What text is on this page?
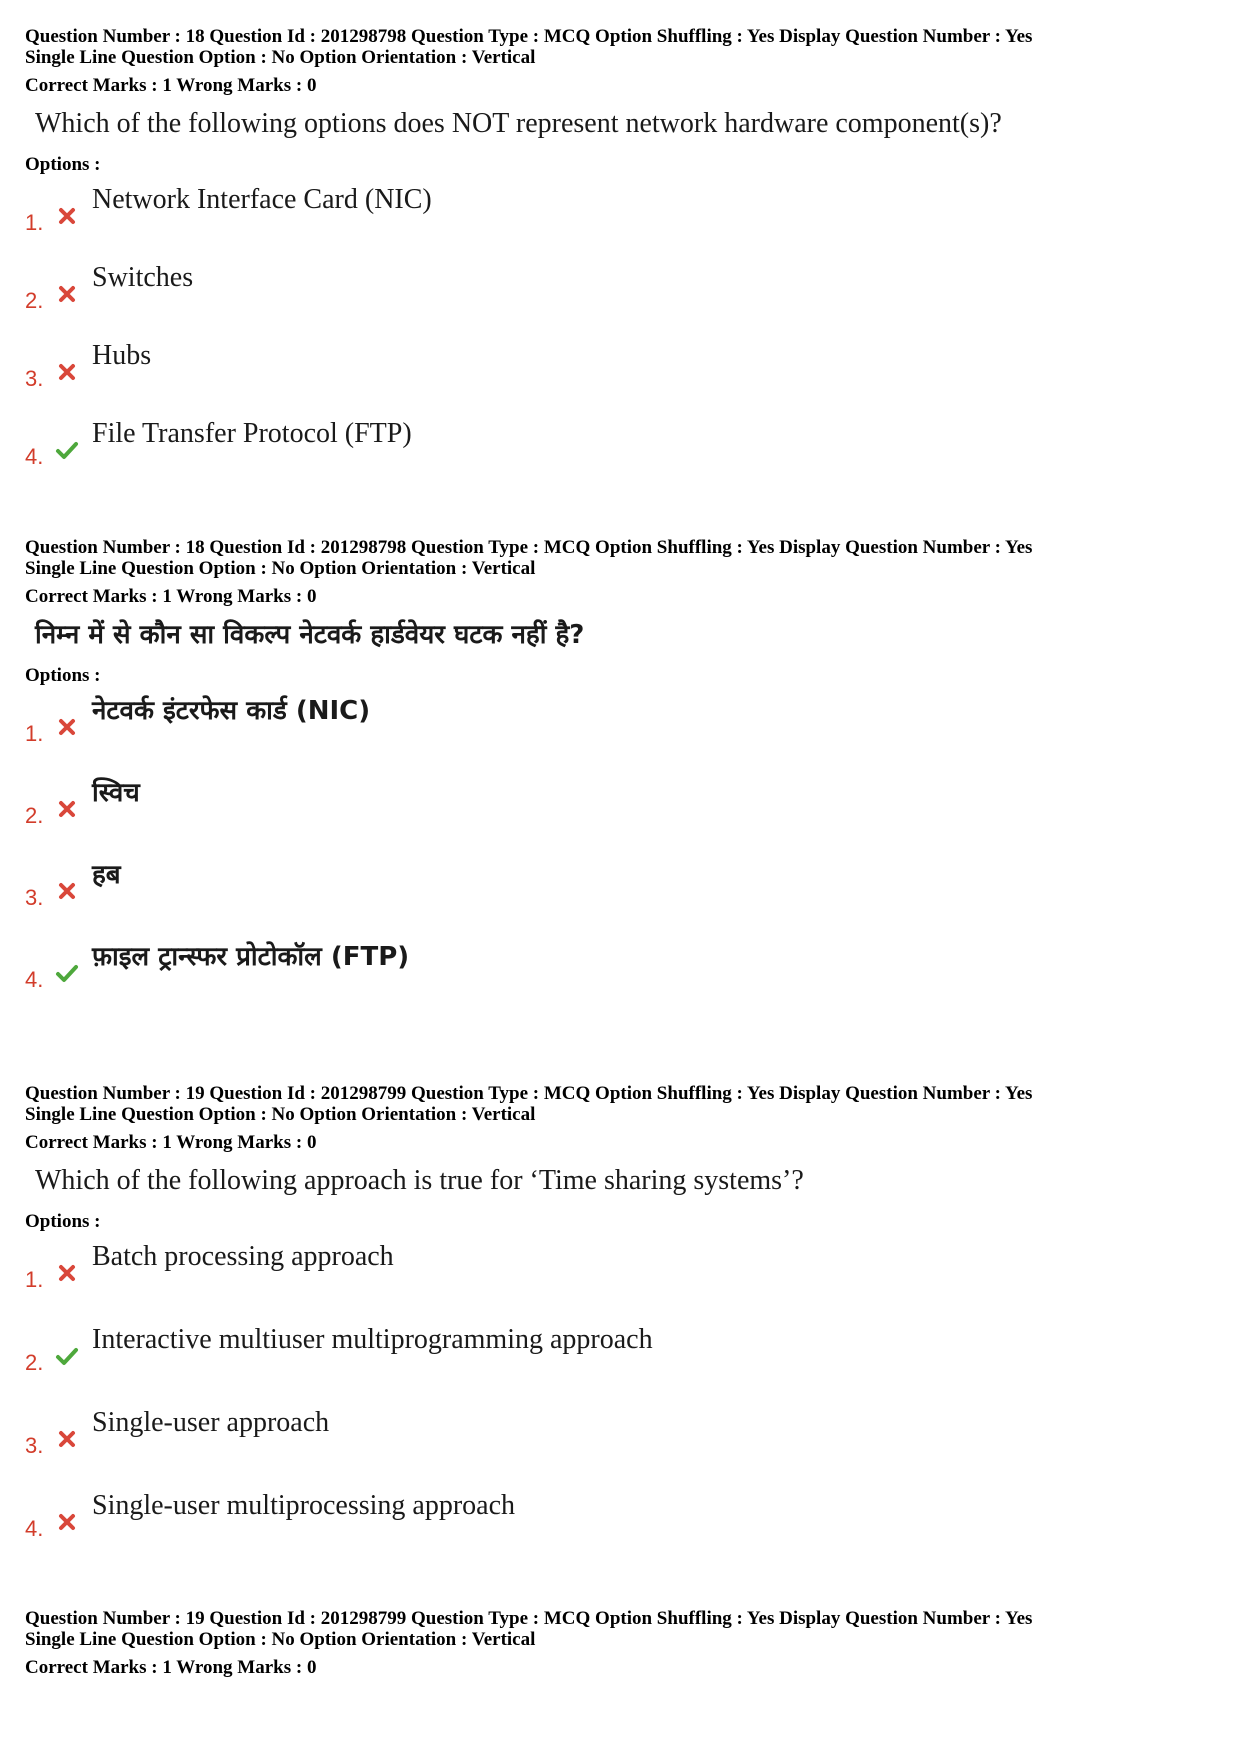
Question Number : 18 Question Id : 201298798 Question Type : MCQ Option Shuffling : Yes Display Question Number : Yes
Single Line Question Option : No Option Orientation : Vertical
Correct Marks : 1 Wrong Marks : 0
Which of the following options does NOT represent network hardware component(s)?
Options :
1.
Network Interface Card (NIC)
2.
Switches
3.
Hubs
4.
File Transfer Protocol (FTP)
Question Number : 18 Question Id : 201298798 Question Type : MCQ Option Shuffling : Yes Display Question Number : Yes
Single Line Question Option : No Option Orientation : Vertical
Correct Marks : 1 Wrong Marks : 0
निम्न में से कौन सा विकल्प नेटवर्क हार्डवेयर घटक नहीं है?
Options :
1.
नेटवर्क इंटरफेस कार्ड (NIC)
2.
स्विच
3.
हब
4.
फ़ाइल ट्रान्स्फर प्रोटोकॉल (FTP)
Question Number : 19 Question Id : 201298799 Question Type : MCQ Option Shuffling : Yes Display Question Number : Yes
Single Line Question Option : No Option Orientation : Vertical
Correct Marks : 1 Wrong Marks : 0
Which of the following approach is true for ‘Time sharing systems’?
Options :
1.
Batch processing approach
2.
Interactive multiuser multiprogramming approach
3.
Single-user approach
4.
Single-user multiprocessing approach
Question Number : 19 Question Id : 201298799 Question Type : MCQ Option Shuffling : Yes Display Question Number : Yes
Single Line Question Option : No Option Orientation : Vertical
Correct Marks : 1 Wrong Marks : 0
